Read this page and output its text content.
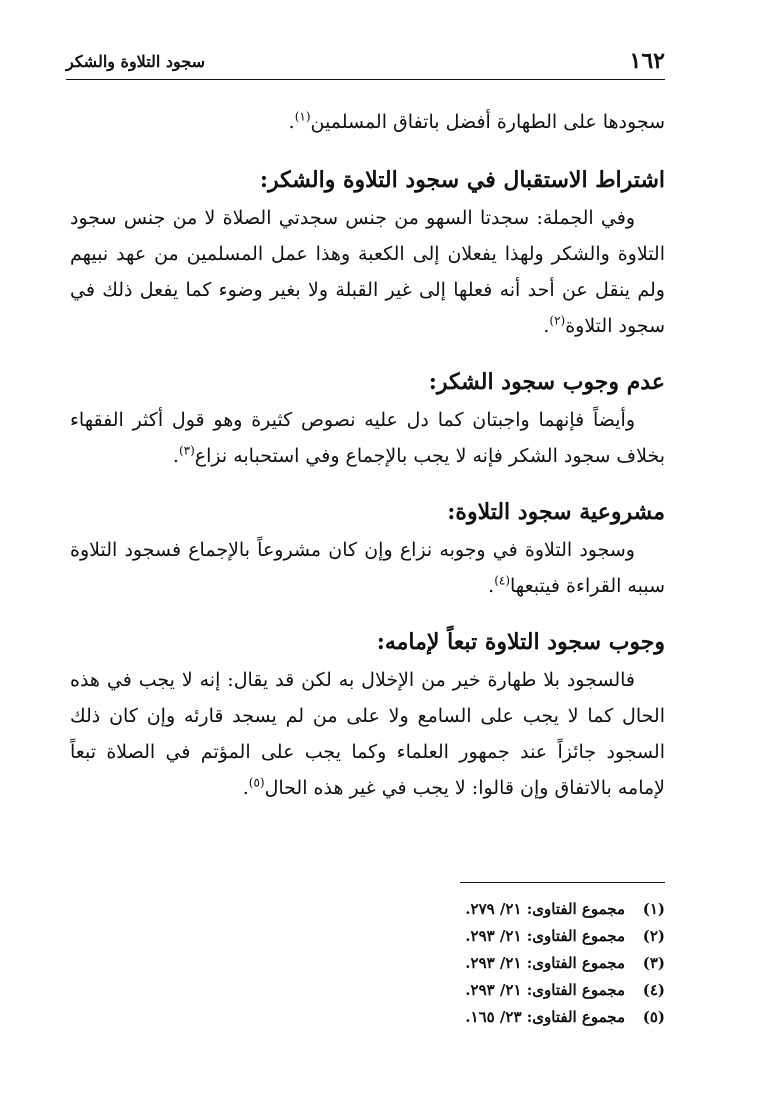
١٦٢
سجود التلاوة والشكر

سجودها على الطهارة أفضل باتفاق المسلمين$^{(١)}$.

اشتراط الاستقبال في سجود التلاوة والشكر:

وفي الجملة: سجدتا السهو من جنس سجدتي الصلاة لا من جنس سجود التلاوة والشكر ولهذا يفعلان إلى الكعبة وهذا عمل المسلمين من عهد نبيهم ولم ينقل عن أحد أنه فعلها إلى غير القبلة ولا بغير وضوء كما يفعل ذلك في سجود التلاوة$^{(٢)}$.

عدم وجوب سجود الشكر:

وأيضاً فإنهما واجبتان كما دل عليه نصوص كثيرة وهو قول أكثر الفقهاء بخلاف سجود الشكر فإنه لا يجب بالإجماع وفي استحبابه نزاع$^{(٣)}$.

مشروعية سجود التلاوة:

وسجود التلاوة في وجوبه نزاع وإن كان مشروعاً بالإجماع فسجود التلاوة سببه القراءة فيتبعها$^{(٤)}$.

وجوب سجود التلاوة تبعاً لإمامه:

فالسجود بلا طهارة خير من الإخلال به لكن قد يقال: إنه لا يجب في هذه الحال كما لا يجب على السامع ولا على من لم يسجد قارئه وإن كان ذلك السجود جائزاً عند جمهور العلماء وكما يجب على المؤتم في الصلاة تبعاً لإمامه بالاتفاق وإن قالوا: لا يجب في غير هذه الحال$^{(٥)}$.

(١)مجموع الفتاوى: ٢١/ ٢٧٩.
(٢)مجموع الفتاوى: ٢١/ ٢٩٣.
(٣)مجموع الفتاوى: ٢١/ ٢٩٣.
(٤)مجموع الفتاوى: ٢١/ ٢٩٣.
(٥)مجموع الفتاوى: ٢٣/ ١٦٥.
